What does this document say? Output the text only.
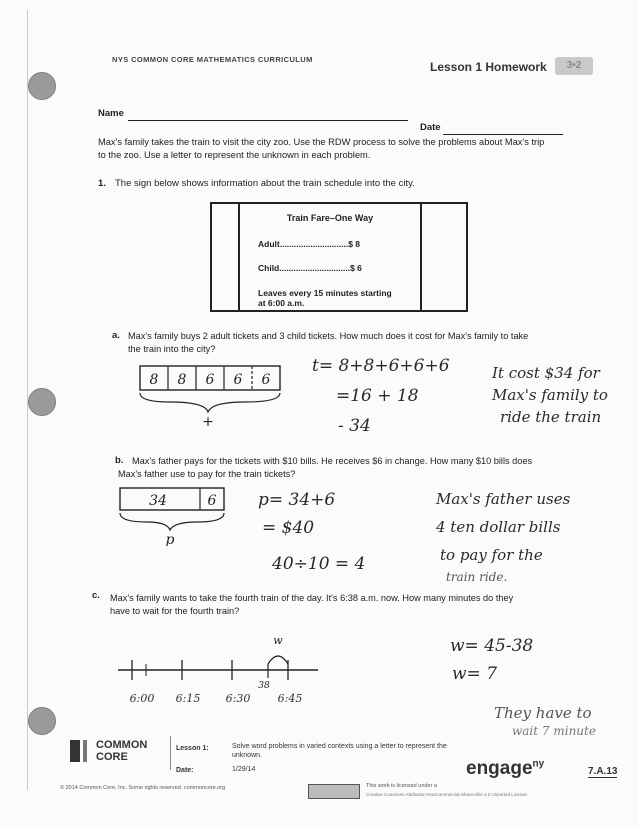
NYS COMMON CORE MATHEMATICS CURRICULUM
Lesson 1 Homework	3•2
Name
Date
Max's family takes the train to visit the city zoo. Use the RDW process to solve the problems about Max's trip
to the zoo. Use a letter to represent the unknown in each problem.
1. The sign below shows information about the train schedule into the city.
Train Fare–One Way
Adult.............................$ 8
Child..............................$ 6
Leaves every 15 minutes starting
at 6:00 a.m.
a. Max's family buys 2 adult tickets and 3 child tickets. How much does it cost for Max's family to take
the train into the city?
8 8 6 6 6
+
t= 8+8+6+6+6
=16 + 18
- 34
It cost $34 for
Max's family to
ride the train
b. Max's father pays for the tickets with $10 bills. He receives $6 in change. How many $10 bills does
Max's father use to pay for the train tickets?
34	6
p
p= 34+6
= $40
40÷10 = 4
Max's father uses
4 ten dollar bills
to pay for the
train ride.
c. Max's family wants to take the fourth train of the day. It's 6:38 a.m. now. How many minutes do they
have to wait for the fourth train?
w
38
6:00 6:15 6:30 6:45
w= 45-38
w= 7
They have to
wait 7 minute
COMMON
CORE
Lesson 1:	Solve word problems in varied contexts using a letter to represent the
unknown.
Date:	1/29/14	engage$^{ny}$
7.A.13
© 2014 Common Core, Inc. Some rights reserved. commoncore.org	This work is licensed under a
Creative Commons Attribution-NonCommercial-ShareAlike 3.0 Unported License.
